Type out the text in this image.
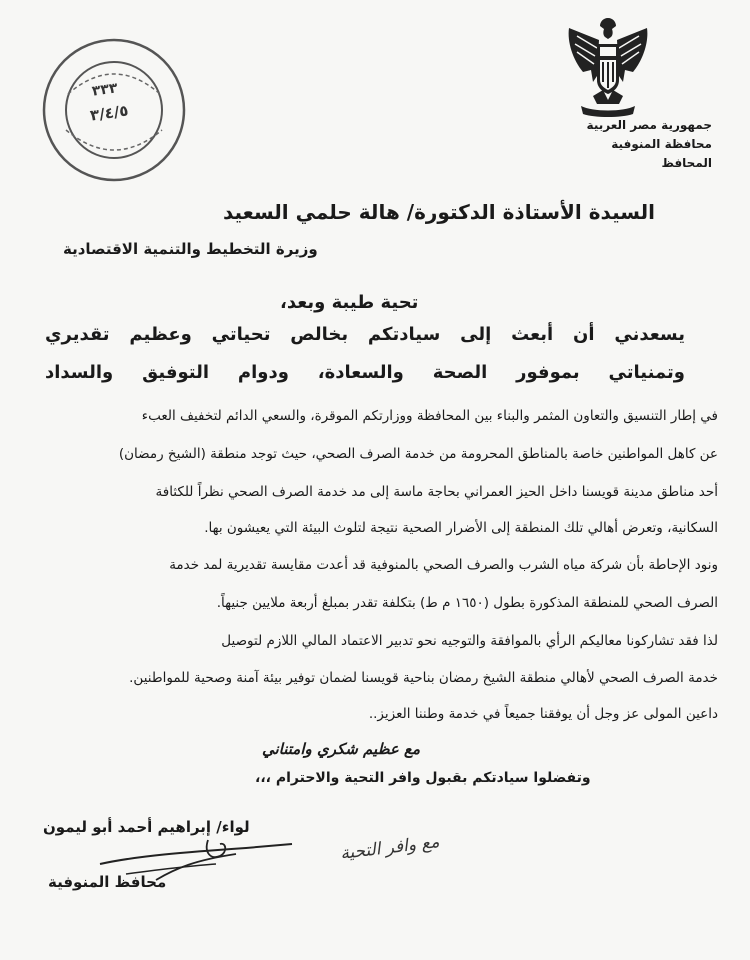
جمهورية مصر العربية
محافظة المنوفية
المحافظ
٣٣٣
٣/٤/٥
السيدة الأستاذة الدكتورة/ هالة حلمي السعيد
وزيرة التخطيط والتنمية الاقتصادية
تحية طيبة وبعد،
يسعدني أن أبعث إلى سيادتكم بخالص تحياتي وعظيم تقديري
وتمنياتي بموفور الصحة والسعادة، ودوام التوفيق والسداد
في إطار التنسيق والتعاون المثمر والبناء بين المحافظة ووزارتكم الموقرة، والسعي الدائم لتخفيف العبء
عن كاهل المواطنين خاصة بالمناطق المحرومة من خدمة الصرف الصحي، حيث توجد منطقة (الشيخ رمضان)
أحد مناطق مدينة قويسنا داخل الحيز العمراني بحاجة ماسة إلى مد خدمة الصرف الصحي نظراً للكثافة
السكانية، وتعرض أهالي تلك المنطقة إلى الأضرار الصحية نتيجة لتلوث البيئة التي يعيشون بها.
ونود الإحاطة بأن شركة مياه الشرب والصرف الصحي بالمنوفية قد أعدت مقايسة تقديرية لمد خدمة
الصرف الصحي للمنطقة المذكورة بطول (١٦٥٠ م ط) بتكلفة تقدر بمبلغ أربعة ملايين جنيهاً.
لذا فقد تشاركونا معاليكم الرأي بالموافقة والتوجيه نحو تدبير الاعتماد المالي اللازم لتوصيل
خدمة الصرف الصحي لأهالي منطقة الشيخ رمضان بناحية قويسنا لضمان توفير بيئة آمنة وصحية للمواطنين.
داعين المولى عز وجل أن يوفقنا جميعاً في خدمة وطننا العزيز..
مع عظيم شكري وامتناني
وتفضلوا سيادتكم بقبول وافر التحية والاحترام ،،،
لواء/ إبراهيم أحمد أبو ليمون
محافظ المنوفية
مع وافر التحية
